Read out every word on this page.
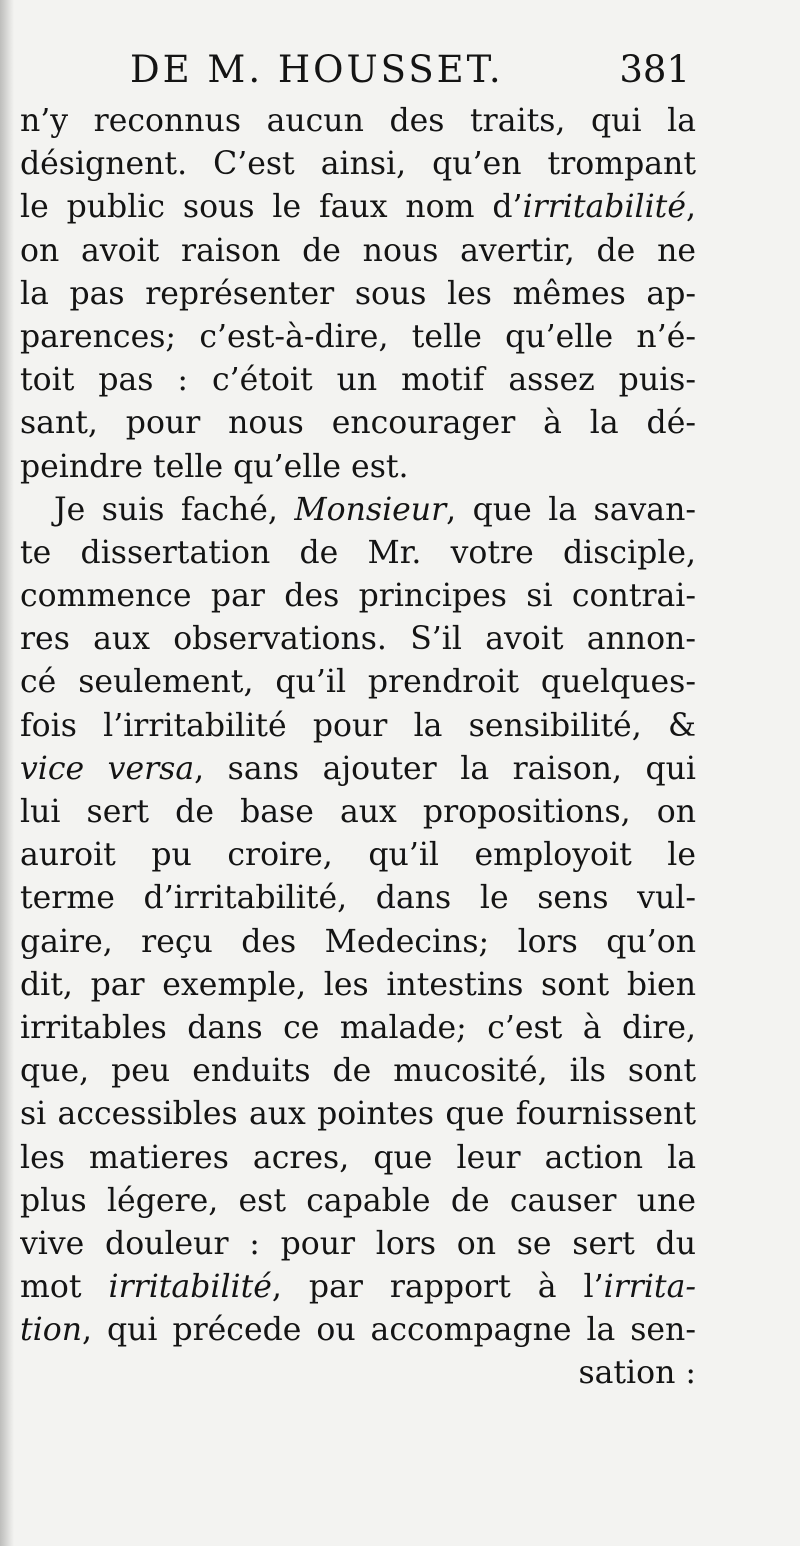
DE M. HOUSSET.	381
n’y reconnus aucun des traits, qui la
désignent. C’est ainsi, qu’en trompant
le public sous le faux nom d’irritabilité,
on avoit raison de nous avertir, de ne
la pas représenter sous les mêmes ap-
parences; c’est-à-dire, telle qu’elle n’é-
toit pas : c’étoit un motif assez puis-
sant, pour nous encourager à la dé-
peindre telle qu’elle est.
Je suis faché, Monsieur, que la savan-
te dissertation de Mr. votre disciple,
commence par des principes si contrai-
res aux observations. S’il avoit annon-
cé seulement, qu’il prendroit quelques-
fois l’irritabilité pour la sensibilité, &
vice versa, sans ajouter la raison, qui
lui sert de base aux propositions, on
auroit pu croire, qu’il employoit le
terme d’irritabilité, dans le sens vul-
gaire, reçu des Medecins; lors qu’on
dit, par exemple, les intestins sont bien
irritables dans ce malade; c’est à dire,
que, peu enduits de mucosité, ils sont
si accessibles aux pointes que fournissent
les matieres acres, que leur action la
plus légere, est capable de causer une
vive douleur : pour lors on se sert du
mot irritabilité, par rapport à l’irrita-
tion, qui précede ou accompagne la sen-
sation :
